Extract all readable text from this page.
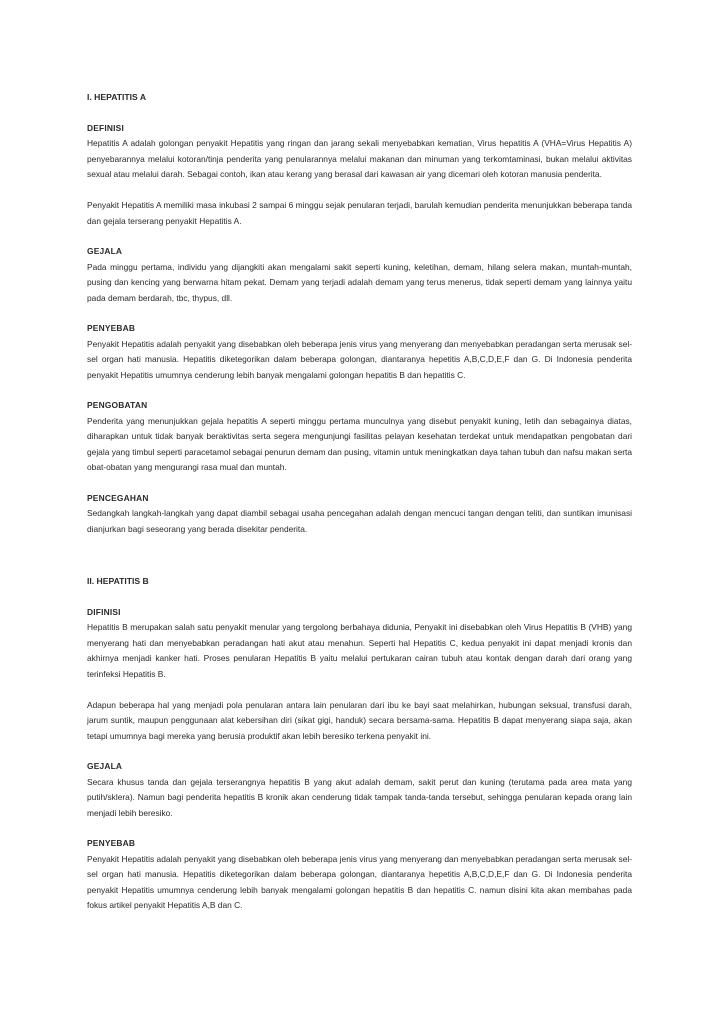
I. HEPATITIS A
DEFINISI

Hepatitis A adalah golongan penyakit Hepatitis yang ringan dan jarang sekali menyebabkan kematian, Virus hepatitis A (VHA=Virus Hepatitis A) penyebarannya melalui kotoran/tinja penderita yang penularannya melalui makanan dan minuman yang terkomtaminasi, bukan melalui aktivitas sexual atau melalui darah. Sebagai contoh, ikan atau kerang yang berasal dari kawasan air yang dicemari oleh kotoran manusia penderita.

Penyakit Hepatitis A memiliki masa inkubasi 2 sampai 6 minggu sejak penularan terjadi, barulah kemudian penderita menunjukkan beberapa tanda dan gejala terserang penyakit Hepatitis A.

GEJALA

Pada minggu pertama, individu yang dijangkiti akan mengalami sakit seperti kuning, keletihan, demam, hilang selera makan, muntah-muntah, pusing dan kencing yang berwarna hitam pekat. Demam yang terjadi adalah demam yang terus menerus, tidak seperti demam yang lainnya yaitu pada demam berdarah, tbc, thypus, dll.

PENYEBAB

Penyakit Hepatitis adalah penyakit yang disebabkan oleh beberapa jenis virus yang menyerang dan menyebabkan peradangan serta merusak sel-sel organ hati manusia. Hepatitis diketegorikan dalam beberapa golongan, diantaranya hepetitis A,B,C,D,E,F dan G. Di Indonesia penderita penyakit Hepatitis umumnya cenderung lebih banyak mengalami golongan hepatitis B dan hepatitis C.

PENGOBATAN

Penderita yang menunjukkan gejala hepatitis A seperti minggu pertama munculnya yang disebut penyakit kuning, letih dan sebagainya diatas, diharapkan untuk tidak banyak beraktivitas serta segera mengunjungi fasilitas pelayan kesehatan terdekat untuk mendapatkan pengobatan dari gejala yang timbul seperti paracetamol sebagai penurun demam dan pusing, vitamin untuk meningkatkan daya tahan tubuh dan nafsu makan serta obat-obatan yang mengurangi rasa mual dan muntah.

PENCEGAHAN

Sedangkah langkah-langkah yang dapat diambil sebagai usaha pencegahan adalah dengan mencuci tangan dengan teliti, dan suntikan imunisasi dianjurkan bagi seseorang yang berada disekitar penderita.

II. HEPATITIS B
DIFINISI

Hepatitis B merupakan salah satu penyakit menular yang tergolong berbahaya didunia, Penyakit ini disebabkan oleh Virus Hepatitis B (VHB) yang menyerang hati dan menyebabkan peradangan hati akut atau menahun. Seperti hal Hepatitis C, kedua penyakit ini dapat menjadi kronis dan akhirnya menjadi kanker hati. Proses penularan Hepatitis B yaitu melalui pertukaran cairan tubuh atau kontak dengan darah dari orang yang terinfeksi Hepatitis B.

Adapun beberapa hal yang menjadi pola penularan antara lain penularan dari ibu ke bayi saat melahirkan, hubungan seksual, transfusi darah, jarum suntik, maupun penggunaan alat kebersihan diri (sikat gigi, handuk) secara bersama-sama. Hepatitis B dapat menyerang siapa saja, akan tetapi umumnya bagi mereka yang berusia produktif akan lebih beresiko terkena penyakit ini.

GEJALA

Secara khusus tanda dan gejala terserangnya hepatitis B yang akut adalah demam, sakit perut dan kuning (terutama pada area mata yang putih/sklera). Namun bagi penderita hepatitis B kronik akan cenderung tidak tampak tanda-tanda tersebut, sehingga penularan kepada orang lain menjadi lebih beresiko.

PENYEBAB

Penyakit Hepatitis adalah penyakit yang disebabkan oleh beberapa jenis virus yang menyerang dan menyebabkan peradangan serta merusak sel-sel organ hati manusia. Hepatitis diketegorikan dalam beberapa golongan, diantaranya hepetitis A,B,C,D,E,F dan G. Di Indonesia penderita penyakit Hepatitis umumnya cenderung lebih banyak mengalami golongan hepatitis B dan hepatitis C. namun disini kita akan membahas pada fokus artikel penyakit Hepatitis A,B dan C.
